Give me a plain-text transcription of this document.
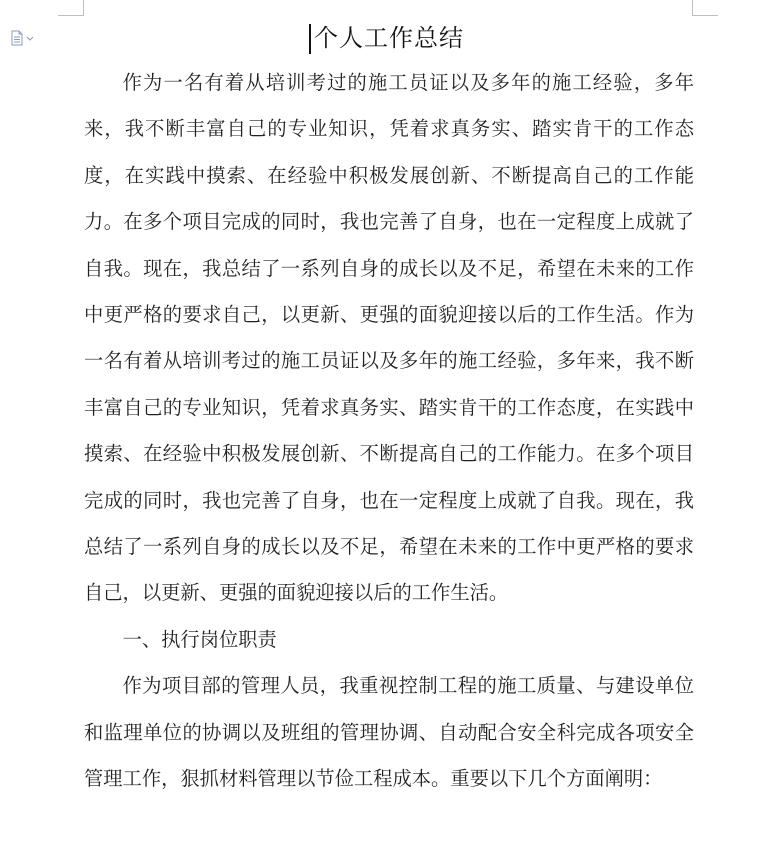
个人工作总结

作为一名有着从培训考过的施工员证以及多年的施工经验，多年来，我不断丰富自己的专业知识，凭着求真务实、踏实肯干的工作态度，在实践中摸索、在经验中积极发展创新、不断提高自己的工作能力。在多个项目完成的同时，我也完善了自身，也在一定程度上成就了自我。现在，我总结了一系列自身的成长以及不足，希望在未来的工作中更严格的要求自己，以更新、更强的面貌迎接以后的工作生活。作为一名有着从培训考过的施工员证以及多年的施工经验，多年来，我不断丰富自己的专业知识，凭着求真务实、踏实肯干的工作态度，在实践中摸索、在经验中积极发展创新、不断提高自己的工作能力。在多个项目完成的同时，我也完善了自身，也在一定程度上成就了自我。现在，我总结了一系列自身的成长以及不足，希望在未来的工作中更严格的要求自己，以更新、更强的面貌迎接以后的工作生活。

一、执行岗位职责

作为项目部的管理人员，我重视控制工程的施工质量、与建设单位和监理单位的协调以及班组的管理协调、自动配合安全科完成各项安全管理工作，狠抓材料管理以节俭工程成本。重要以下几个方面阐明：
